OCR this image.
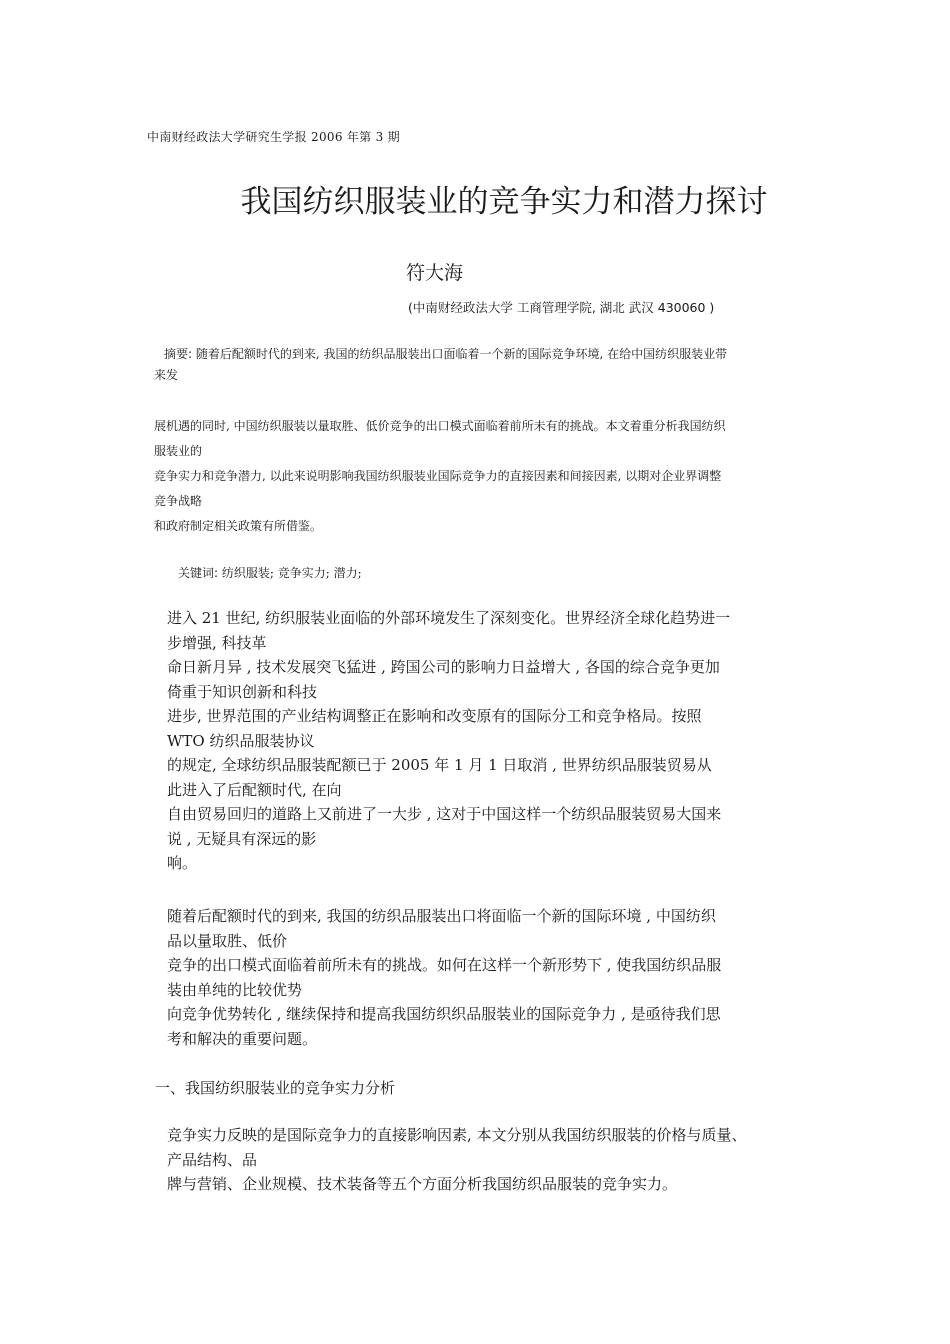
中南财经政法大学研究生学报 2006 年第 3 期
我国纺织服装业的竞争实力和潜力探讨
符大海
(中南财经政法大学 工商管理学院, 湖北 武汉 430060 )
摘要: 随着后配额时代的到来, 我国的纺织品服装出口面临着一个新的国际竞争环境, 在给中国纺织服装业带
来发
展机遇的同时, 中国纺织服装以量取胜、低价竞争的出口模式面临着前所未有的挑战。本文着重分析我国纺织
服装业的
竞争实力和竞争潜力, 以此来说明影响我国纺织服装业国际竞争力的直接因素和间接因素, 以期对企业界调整
竞争战略
和政府制定相关政策有所借鉴。
关键词: 纺织服装; 竞争实力; 潜力;
进入 21 世纪, 纺织服装业面临的外部环境发生了深刻变化。世界经济全球化趋势进一
步增强, 科技革
命日新月异 , 技术发展突飞猛进 , 跨国公司的影响力日益增大 , 各国的综合竞争更加
倚重于知识创新和科技
进步, 世界范围的产业结构调整正在影响和改变原有的国际分工和竞争格局。按照
WTO 纺织品服装协议
的规定, 全球纺织品服装配额已于 2005 年 1 月 1 日取消 , 世界纺织品服装贸易从
此进入了后配额时代, 在向
自由贸易回归的道路上又前进了一大步 , 这对于中国这样一个纺织品服装贸易大国来
说 , 无疑具有深远的影
响。
随着后配额时代的到来, 我国的纺织品服装出口将面临一个新的国际环境 , 中国纺织
品以量取胜、低价
竞争的出口模式面临着前所未有的挑战。如何在这样一个新形势下 , 使我国纺织品服
装由单纯的比较优势
向竞争优势转化 , 继续保持和提高我国纺织织品服装业的国际竞争力 , 是亟待我们思
考和解决的重要问题。
一、我国纺织服装业的竞争实力分析
竞争实力反映的是国际竞争力的直接影响因素, 本文分别从我国纺织服装的价格与质量、
产品结构、品
牌与营销、企业规模、技术装备等五个方面分析我国纺织品服装的竞争实力。
